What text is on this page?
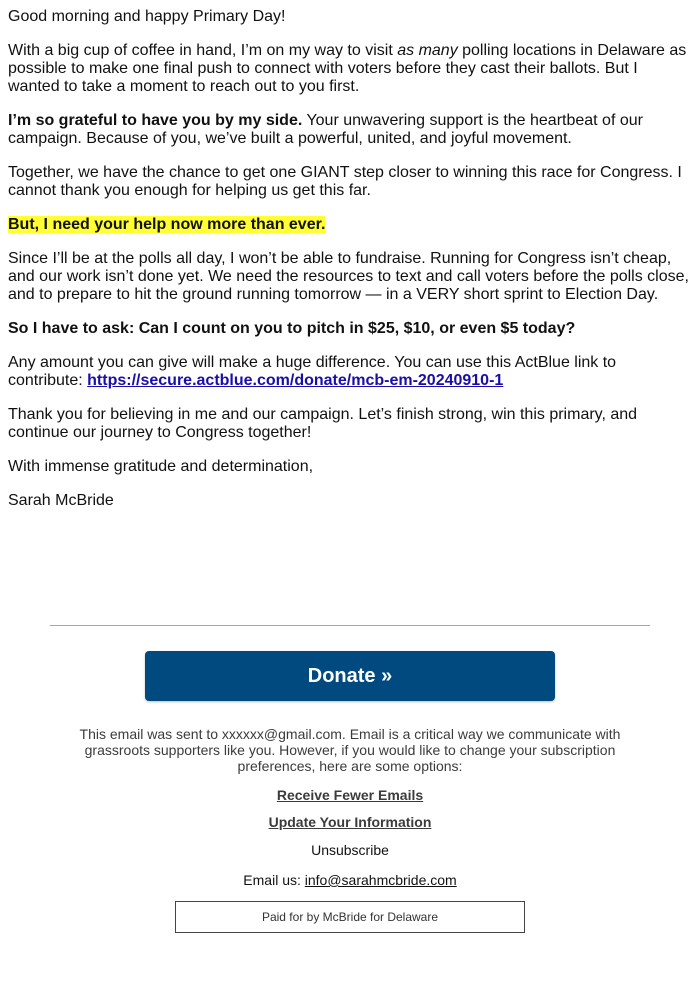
Good morning and happy Primary Day!

With a big cup of coffee in hand, I’m on my way to visit as many polling locations in Delaware as possible to make one final push to connect with voters before they cast their ballots. But I wanted to take a moment to reach out to you first.

I’m so grateful to have you by my side. Your unwavering support is the heartbeat of our campaign. Because of you, we’ve built a powerful, united, and joyful movement.

Together, we have the chance to get one GIANT step closer to winning this race for Congress. I cannot thank you enough for helping us get this far.

But, I need your help now more than ever.

Since I’ll be at the polls all day, I won’t be able to fundraise. Running for Congress isn’t cheap, and our work isn’t done yet. We need the resources to text and call voters before the polls close, and to prepare to hit the ground running tomorrow — in a VERY short sprint to Election Day.

So I have to ask: Can I count on you to pitch in $25, $10, or even $5 today?

Any amount you can give will make a huge difference. You can use this ActBlue link to contribute: https://secure.actblue.com/donate/mcb-em-20240910-1

Thank you for believing in me and our campaign. Let’s finish strong, win this primary, and continue our journey to Congress together!

With immense gratitude and determination,

Sarah McBride

Donate »
This email was sent to xxxxxx@gmail.com. Email is a critical way we communicate with grassroots supporters like you. However, if you would like to change your subscription preferences, here are some options:
Receive Fewer Emails
Update Your Information
Unsubscribe
Email us: info@sarahmcbride.com
Paid for by McBride for Delaware
